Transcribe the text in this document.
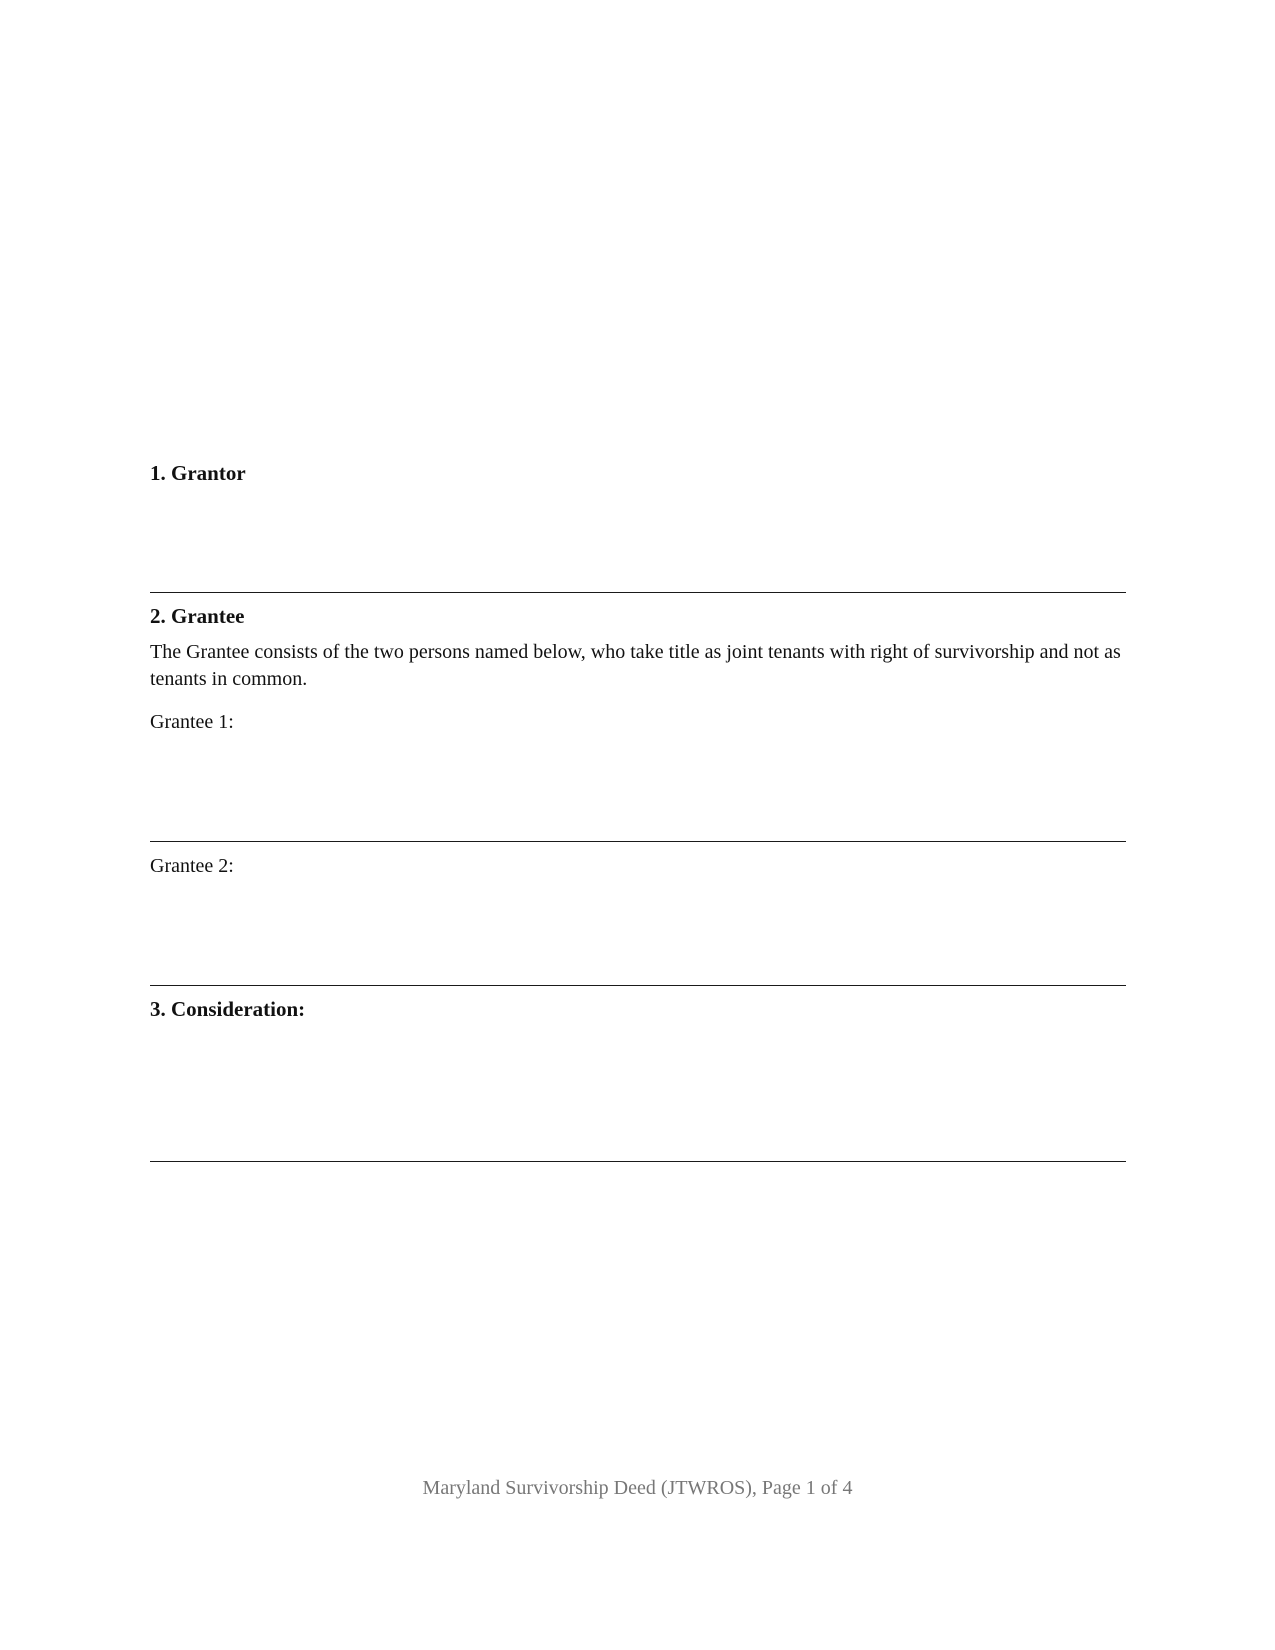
1. Grantor
2. Grantee

The Grantee consists of the two persons named below, who take title as joint tenants with right of survivorship and not as tenants in common.

Grantee 1:

Grantee 2:

3. Consideration:
Maryland Survivorship Deed (JTWROS), Page 1 of 4
